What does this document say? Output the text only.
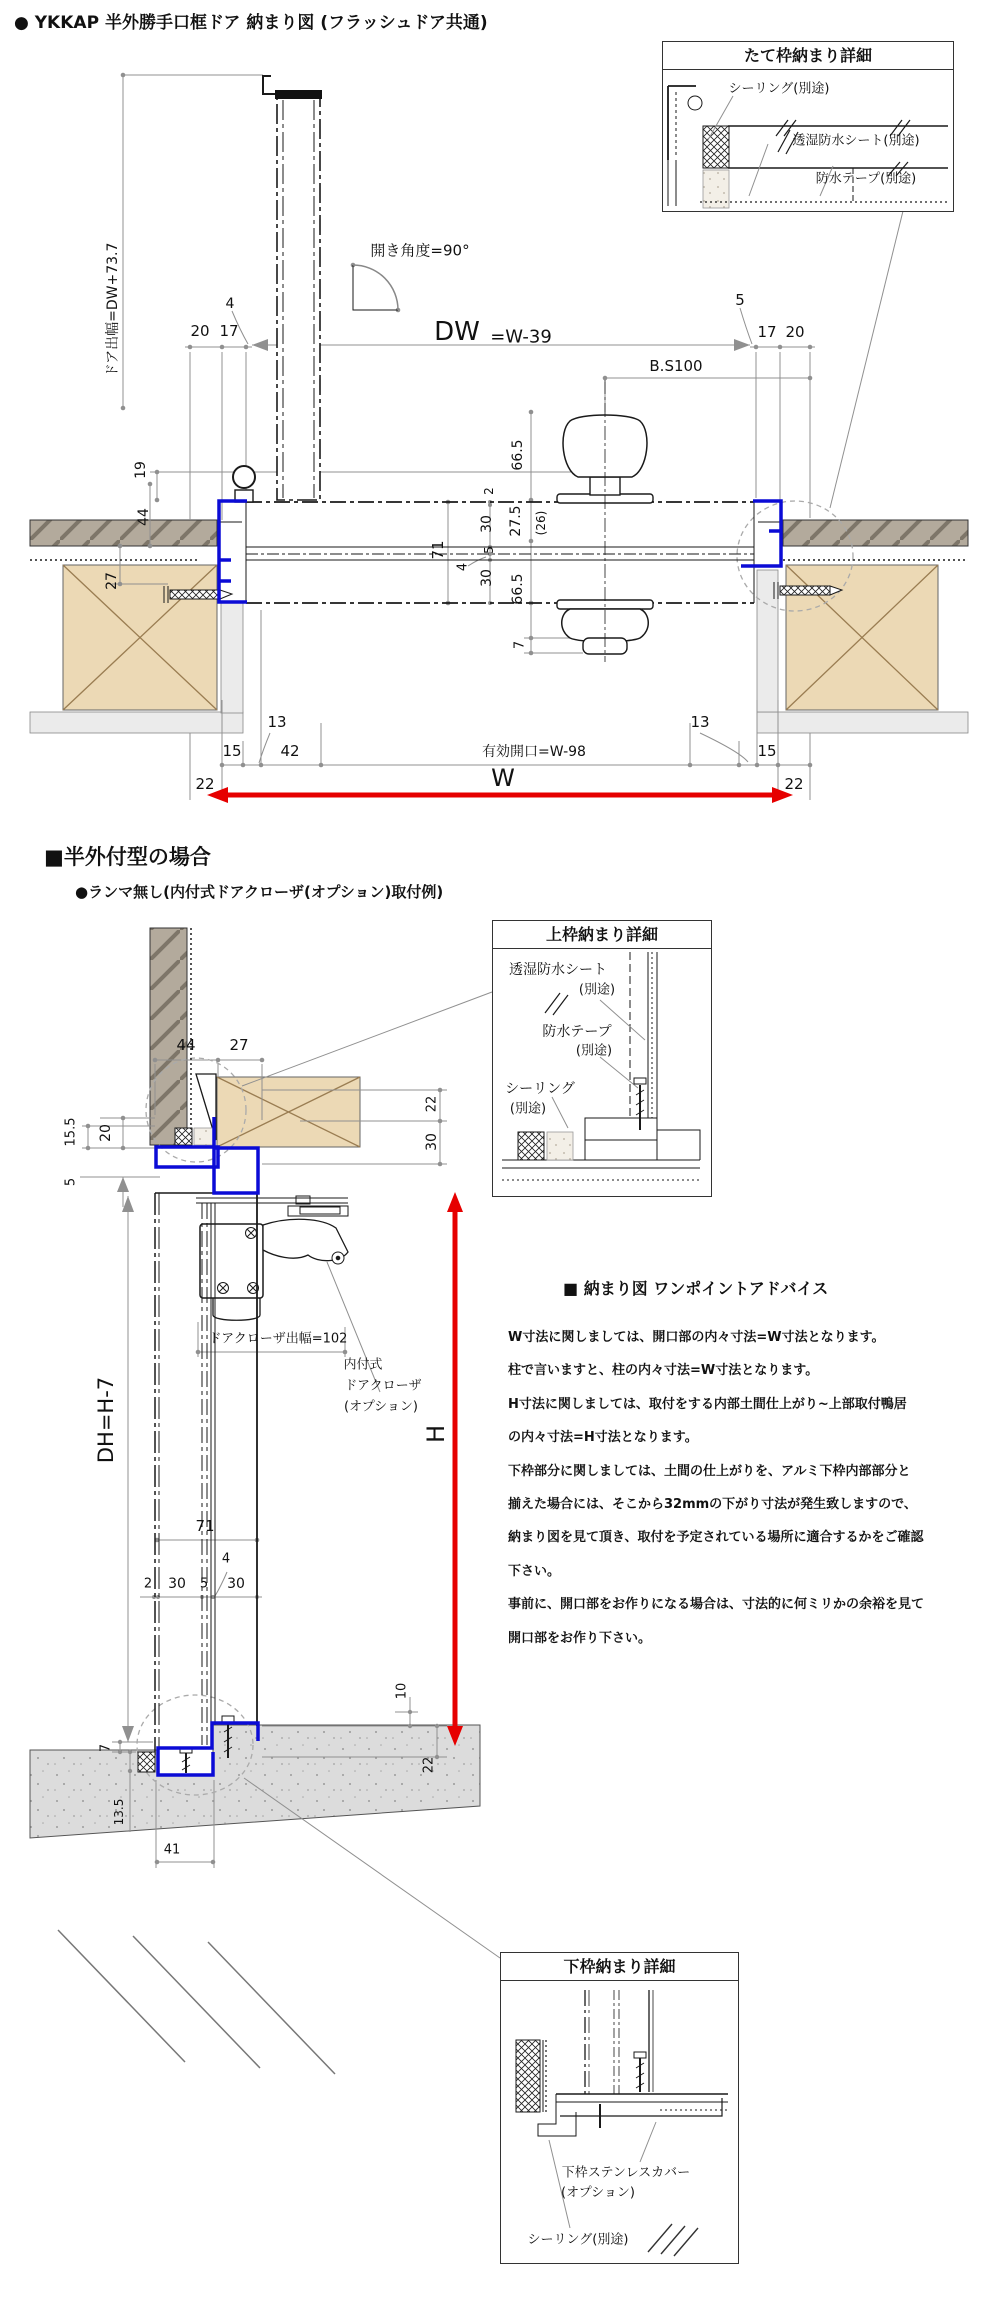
● YKKAP 半外勝手口框ドア 納まり図 (フラッシュドア共通)
■半外付型の場合
●ランマ無し(内付式ドアクローザ(オプション)取付例)
たて枠納まり詳細
上枠納まり詳細
下枠納まり詳細
■ 納まり図 ワンポイントアドバイス
W寸法に関しましては、開口部の内々寸法=W寸法となります。
柱で言いますと、柱の内々寸法=W寸法となります。
H寸法に関しましては、取付をする内部土間仕上がり~上部取付鴨居
の内々寸法=H寸法となります。
下枠部分に関しましては、土間の仕上がりを、アルミ下枠内部部分と
揃えた場合には、そこから32mmの下がり寸法が発生致しますので、
納まり図を見て頂き、取付を予定されている場所に適合するかをご確認
下さい。
事前に、開口部をお作りになる場合は、寸法的に何ミリかの余裕を見て
開口部をお作り下さい。
ドア出幅=DW+73.7	開き角度=90°
DW =W-39
B.S100
4
20 17
5
17 20
19
44
27
66.5
2
30 27.5 (26)
71	5
4
30 66.5
7
13
15	42	有効開口=W-98
22	W
13
15
22
44 27
15.5 20
5
22
30
ドアクローザ出幅=102
内付式
ドアクローザ
(オプション)
H
DH=H-7
71
4
2 30 5 30
7
13.5
41
10
22
シーリング(別途)
透湿防水シート(別途)
防水テープ(別途)
透湿防水シート
(別途)
防水テープ
(別途)
シーリング
(別途)
下枠ステンレスカバー
(オプション)
シーリング(別途)
